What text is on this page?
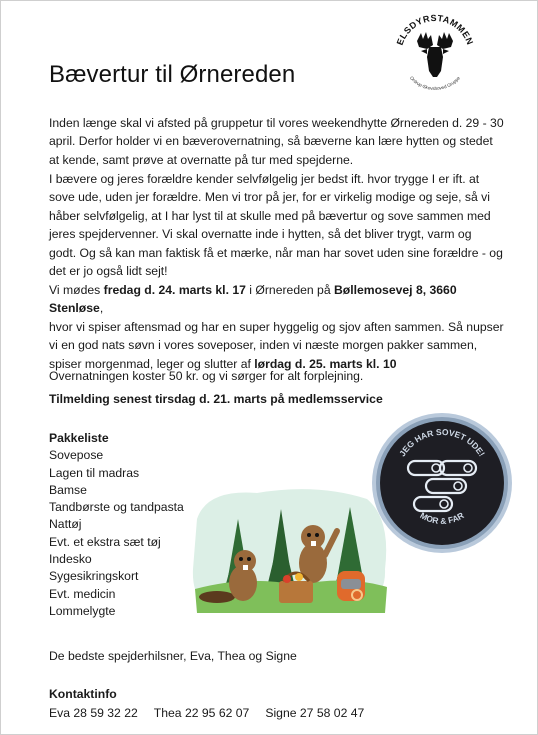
ELSDYRSTAMMEN
Ordrup-Skovshoved Gruppe
Bævertur til Ørnereden
Inden længe skal vi afsted på gruppetur til vores weekendhytte Ørnereden d. 29 - 30
april. Derfor holder vi en bæverovernatning, så bæverne kan lære hytten og stedet
at kende, samt prøve at overnatte på tur med spejderne.
I bævere og jeres forældre kender selvfølgelig jer bedst ift. hvor trygge I er ift. at
sove ude, uden jer forældre. Men vi tror på jer, for er virkelig modige og seje, så vi
håber selvfølgelig, at I har lyst til at skulle med på bævertur og sove sammen med
jeres spejdervenner. Vi skal overnatte inde i hytten, så det bliver trygt, varm og
godt. Og så kan man faktisk få et mærke, når man har sovet uden sine forældre - og
det er jo også lidt sejt!
Vi mødes fredag d. 24. marts kl. 17 i Ørnereden på Bøllemosevej 8, 3660 Stenløse,
hvor vi spiser aftensmad og har en super hyggelig og sjov aften sammen. Så nupser
vi en god nats søvn i vores soveposer, inden vi næste morgen pakker sammen,
spiser morgenmad, leger og slutter af lørdag d. 25. marts kl. 10
Overnatningen koster 50 kr. og vi sørger for alt forplejning.
Tilmelding senest tirsdag d. 21. marts på medlemsservice
Pakkeliste
Sovepose
Lagen til madras
Bamse
Tandbørste og tandpasta
Nattøj
Evt. et ekstra sæt tøj
Indesko
Sygesikringskort
Evt. medicin
Lommelygte
JEG HAR SOVET UDE!
MOR & FAR
De bedste spejderhilsner, Eva, Thea og Signe
Kontaktinfo
Eva 28 59 32 22 Thea 22 95 62 07 Signe 27 58 02 47
